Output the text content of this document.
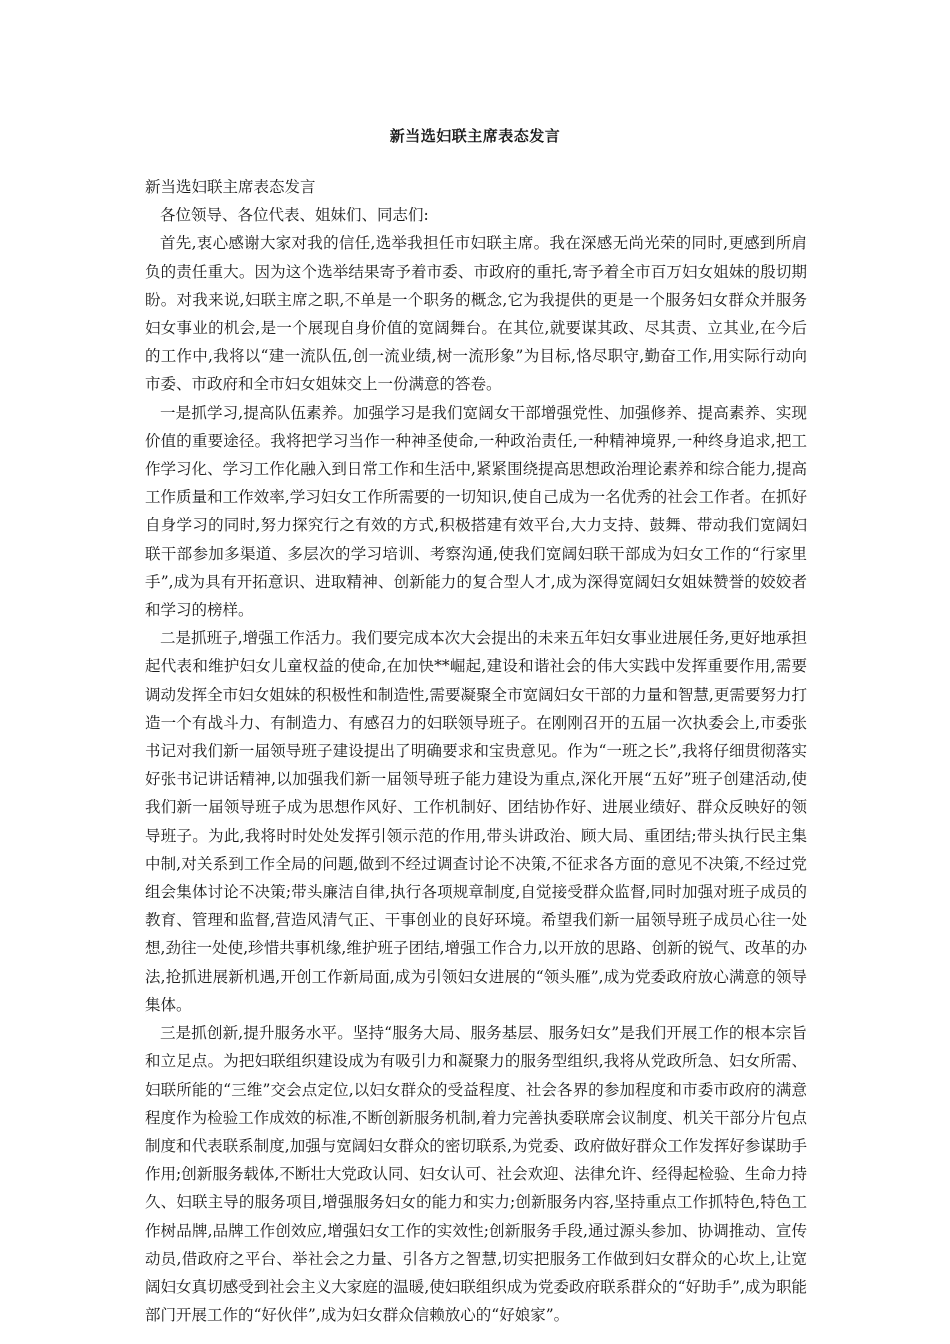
新当选妇联主席表态发言

新当选妇联主席表态发言

各位领导、各位代表、姐妹们、同志们:

首先,衷心感谢大家对我的信任,选举我担任市妇联主席。我在深感无尚光荣的同时,更感到所肩负的责任重大。因为这个选举结果寄予着市委、市政府的重托,寄予着全市百万妇女姐妹的殷切期盼。对我来说,妇联主席之职,不单是一个职务的概念,它为我提供的更是一个服务妇女群众并服务妇女事业的机会,是一个展现自身价值的宽阔舞台。在其位,就要谋其政、尽其责、立其业,在今后的工作中,我将以“建一流队伍,创一流业绩,树一流形象”为目标,恪尽职守,勤奋工作,用实际行动向市委、市政府和全市妇女姐妹交上一份满意的答卷。

一是抓学习,提高队伍素养。加强学习是我们宽阔女干部增强党性、加强修养、提高素养、实现价值的重要途径。我将把学习当作一种神圣使命,一种政治责任,一种精神境界,一种终身追求,把工作学习化、学习工作化融入到日常工作和生活中,紧紧围绕提高思想政治理论素养和综合能力,提高工作质量和工作效率,学习妇女工作所需要的一切知识,使自己成为一名优秀的社会工作者。在抓好自身学习的同时,努力探究行之有效的方式,积极搭建有效平台,大力支持、鼓舞、带动我们宽阔妇联干部参加多渠道、多层次的学习培训、考察沟通,使我们宽阔妇联干部成为妇女工作的“行家里手”,成为具有开拓意识、进取精神、创新能力的复合型人才,成为深得宽阔妇女姐妹赞誉的姣姣者和学习的榜样。

二是抓班子,增强工作活力。我们要完成本次大会提出的未来五年妇女事业进展任务,更好地承担起代表和维护妇女儿童权益的使命,在加快**崛起,建设和谐社会的伟大实践中发挥重要作用,需要调动发挥全市妇女姐妹的积极性和制造性,需要凝聚全市宽阔妇女干部的力量和智慧,更需要努力打造一个有战斗力、有制造力、有感召力的妇联领导班子。在刚刚召开的五届一次执委会上,市委张书记对我们新一届领导班子建设提出了明确要求和宝贵意见。作为“一班之长”,我将仔细贯彻落实好张书记讲话精神,以加强我们新一届领导班子能力建设为重点,深化开展“五好”班子创建活动,使我们新一届领导班子成为思想作风好、工作机制好、团结协作好、进展业绩好、群众反映好的领导班子。为此,我将时时处处发挥引领示范的作用,带头讲政治、顾大局、重团结;带头执行民主集中制,对关系到工作全局的问题,做到不经过调查讨论不决策,不征求各方面的意见不决策,不经过党组会集体讨论不决策;带头廉洁自律,执行各项规章制度,自觉接受群众监督,同时加强对班子成员的教育、管理和监督,营造风清气正、干事创业的良好环境。希望我们新一届领导班子成员心往一处想,劲往一处使,珍惜共事机缘,维护班子团结,增强工作合力,以开放的思路、创新的锐气、改革的办法,抢抓进展新机遇,开创工作新局面,成为引领妇女进展的“领头雁”,成为党委政府放心满意的领导集体。

三是抓创新,提升服务水平。坚持“服务大局、服务基层、服务妇女”是我们开展工作的根本宗旨和立足点。为把妇联组织建设成为有吸引力和凝聚力的服务型组织,我将从党政所急、妇女所需、妇联所能的“三维”交会点定位,以妇女群众的受益程度、社会各界的参加程度和市委市政府的满意程度作为检验工作成效的标准,不断创新服务机制,着力完善执委联席会议制度、机关干部分片包点制度和代表联系制度,加强与宽阔妇女群众的密切联系,为党委、政府做好群众工作发挥好参谋助手作用;创新服务载体,不断壮大党政认同、妇女认可、社会欢迎、法律允许、经得起检验、生命力持久、妇联主导的服务项目,增强服务妇女的能力和实力;创新服务内容,坚持重点工作抓特色,特色工作树品牌,品牌工作创效应,增强妇女工作的实效性;创新服务手段,通过源头参加、协调推动、宣传动员,借政府之平台、举社会之力量、引各方之智慧,切实把服务工作做到妇女群众的心坎上,让宽阔妇女真切感受到社会主义大家庭的温暖,使妇联组织成为党委政府联系群众的“好助手”,成为职能部门开展工作的“好伙伴”,成为妇女群众信赖放心的“好娘家”。
